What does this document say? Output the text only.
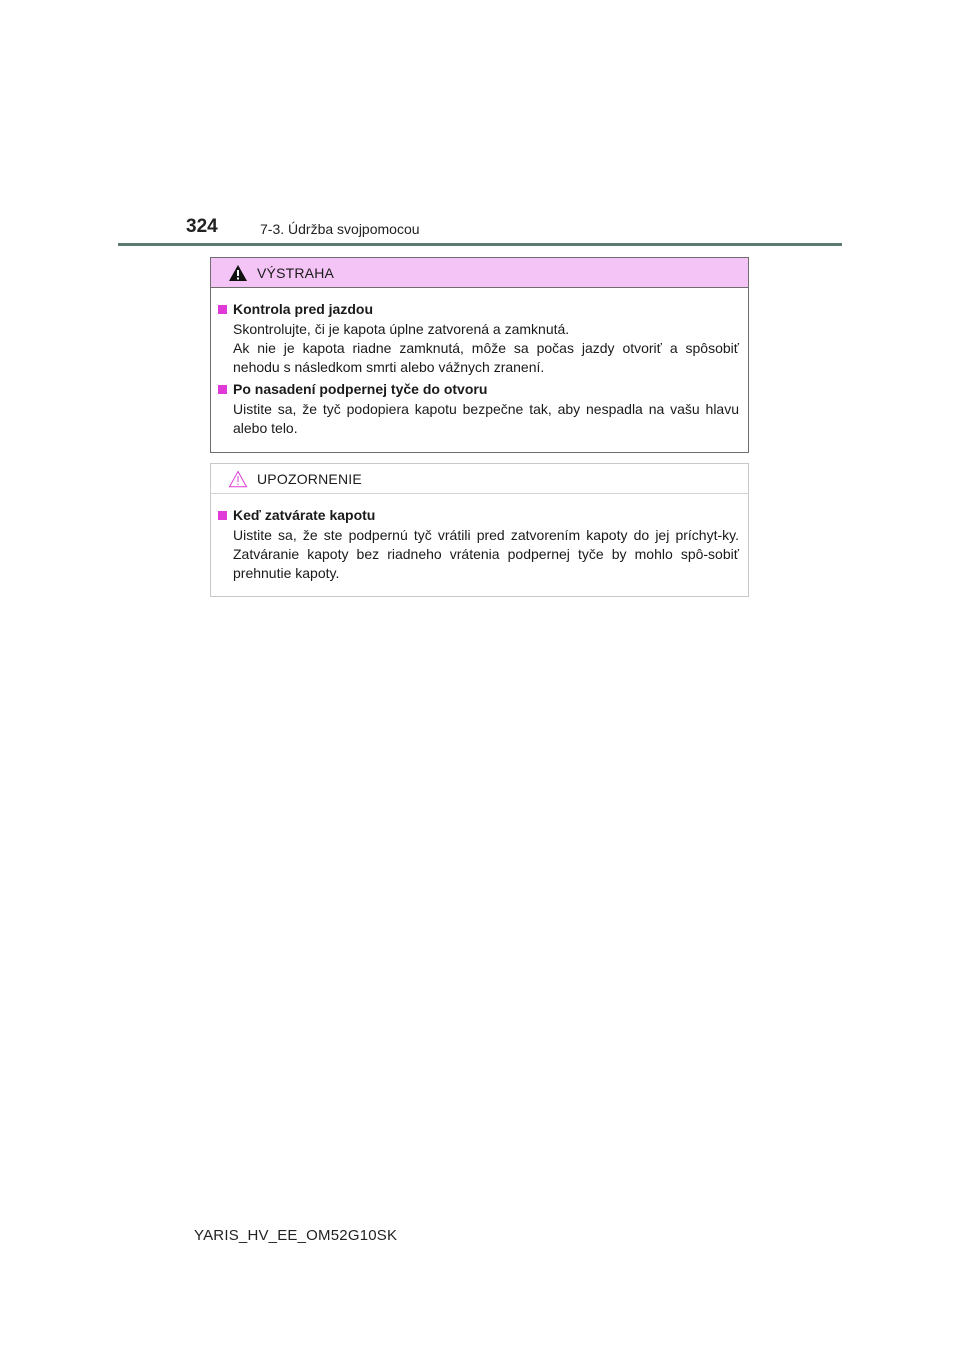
324	7-3. Údržba svojpomocou
VÝSTRAHA
Kontrola pred jazdou

Skontrolujte, či je kapota úplne zatvorená a zamknutá.

Ak nie je kapota riadne zamknutá, môže sa počas jazdy otvoriť a spôsobiť nehodu s následkom smrti alebo vážnych zranení.

Po nasadení podpernej tyče do otvoru

Uistite sa, že tyč podopiera kapotu bezpečne tak, aby nespadla na vašu hlavu alebo telo.

UPOZORNENIE
Keď zatvárate kapotu

Uistite sa, že ste podpernú tyč vrátili pred zatvorením kapoty do jej príchyt-ky. Zatváranie kapoty bez riadneho vrátenia podpernej tyče by mohlo spô-sobiť prehnutie kapoty.

YARIS_HV_EE_OM52G10SK
